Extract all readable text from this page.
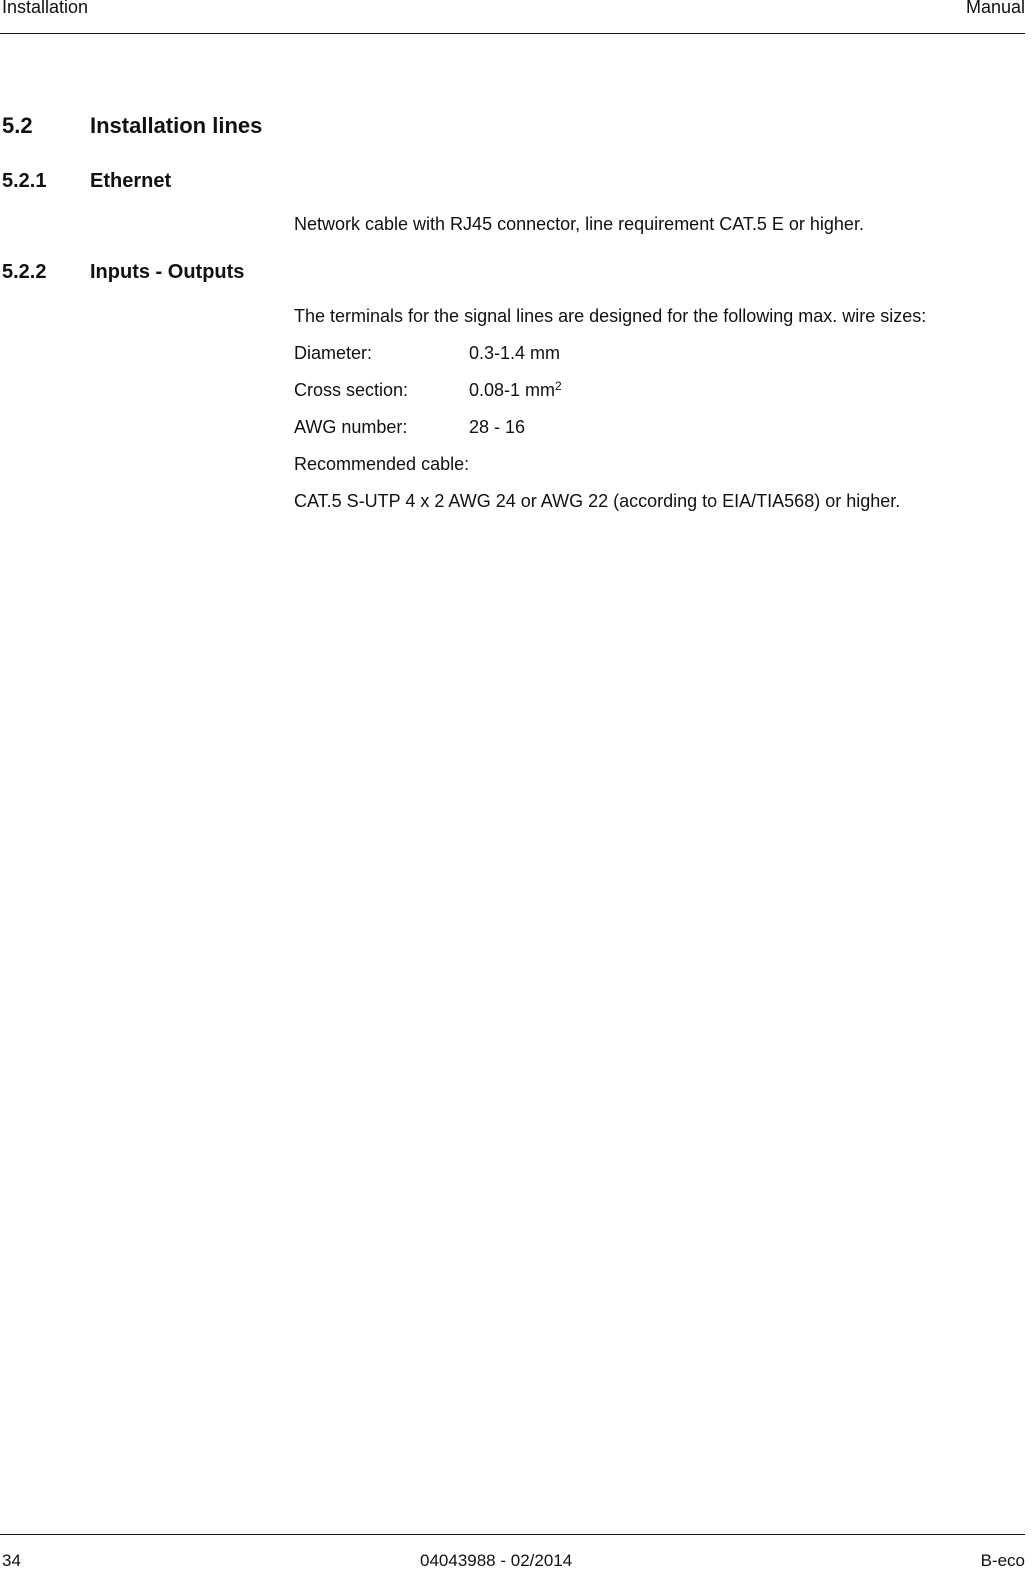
Installation	Manual
5.2	Installation lines
5.2.1 Ethernet
Network cable with RJ45 connector, line requirement CAT.5 E or higher.
5.2.2 Inputs - Outputs
The terminals for the signal lines are designed for the following max. wire sizes:
Diameter:	0.3-1.4 mm
Cross section:	0.08-1 $mm^2$
AWG number:	28 - 16
Recommended cable:
CAT.5 S-UTP 4 x 2 AWG 24 or AWG 22 (according to EIA/TIA568) or higher.
34	04043988 - 02/2014	B-eco
